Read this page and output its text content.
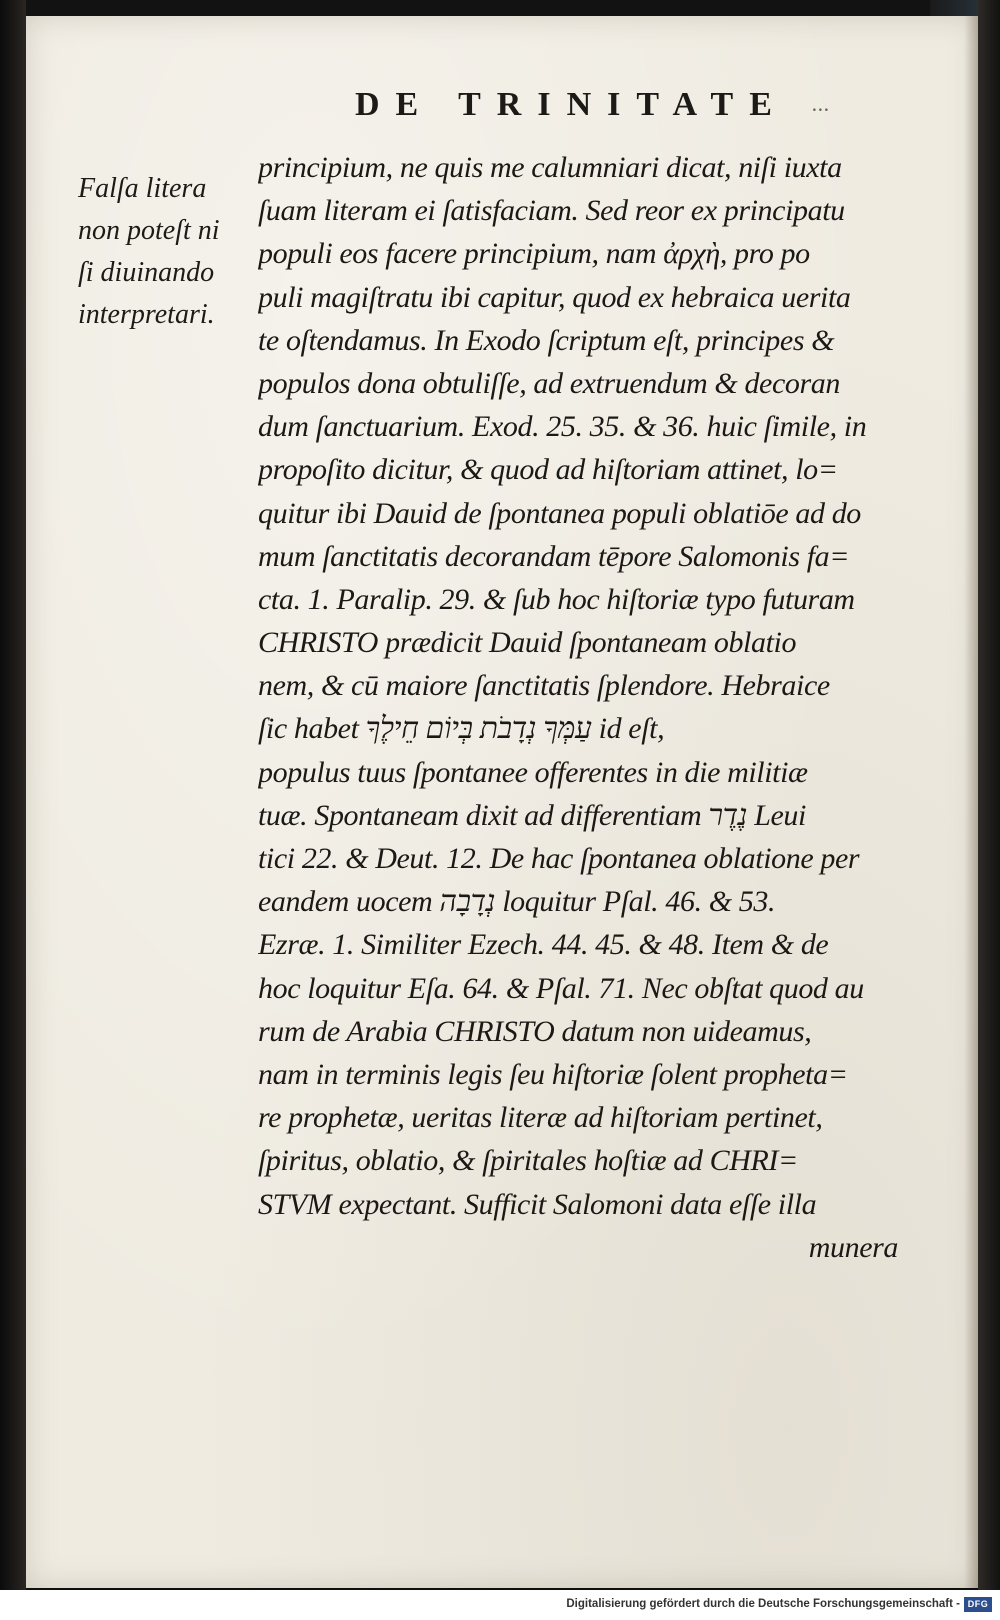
DE TRINITATE ...
Falſa litera
non poteſt ni
ſi diuinando
interpretari.
principium, ne quis me calumniari dicat, niſi iuxta
ſuam literam ei ſatisfaciam. Sed reor ex principatu
populi eos facere principium, nam ἀρχὴ, pro po
puli magiſtratu ibi capitur, quod ex hebraica uerita
te oſtendamus. In Exodo ſcriptum eſt, principes &
populos dona obtuliſſe, ad extruendum & decoran
dum ſanctuarium. Exod. 25. 35. & 36. huic ſimile, in
propoſito dicitur, & quod ad hiſtoriam attinet, lo=
quitur ibi Dauid de ſpontanea populi oblatiōe ad do
mum ſanctitatis decorandam tēpore Salomonis fa=
cta. 1. Paralip. 29. & ſub hoc hiſtoriæ typo futuram
CHRISTO prædicit Dauid ſpontaneam oblatio
nem, & cū maiore ſanctitatis ſplendore. Hebraice
ſic habet עַמְּךָ נְדָבֹת בְּיוֹם חֵילֶךָ id eſt,
populus tuus ſpontanee offerentes in die militiæ
tuæ. Spontaneam dixit ad differentiam נֶדֶר Leui
tici 22. & Deut. 12. De hac ſpontanea oblatione per
eandem uocem נְדָבָה loquitur Pſal. 46. & 53.
Ezræ. 1. Similiter Ezech. 44. 45. & 48. Item & de
hoc loquitur Eſa. 64. & Pſal. 71. Nec obſtat quod au
rum de Arabia CHRISTO datum non uideamus,
nam in terminis legis ſeu hiſtoriæ ſolent propheta=
re prophetæ, ueritas literæ ad hiſtoriam pertinet,
ſpiritus, oblatio, & ſpiritales hoſtiæ ad CHRI=
STVM expectant. Sufficit Salomoni data eſſe illa
munera
Digitalisierung gefördert durch die Deutsche Forschungsgemeinschaft - DFG
